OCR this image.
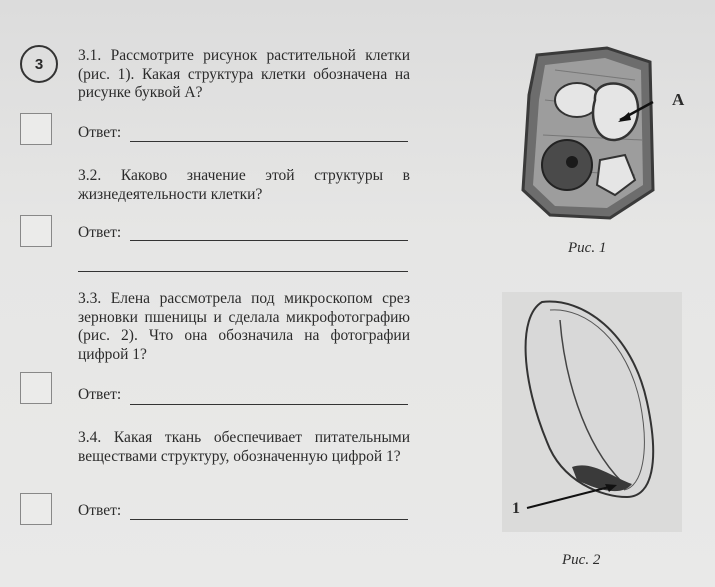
3	3.1. Рассмотрите рисунок растительной клетки (рис. 1). Какая структура клетки обозначена на рисунке буквой А?
Ответ:
3.2. Каково значение этой структуры в жизнедеятельности клетки?
Ответ:
3.3. Елена рассмотрела под микроскопом срез зерновки пшеницы и сделала микрофотографию (рис. 2). Что она обозначила на фотографии цифрой 1?
Ответ:
3.4. Какая ткань обеспечивает питательными веществами структуру, обозначенную цифрой 1?
Ответ:
А
Рис. 1
1
Рис. 2
